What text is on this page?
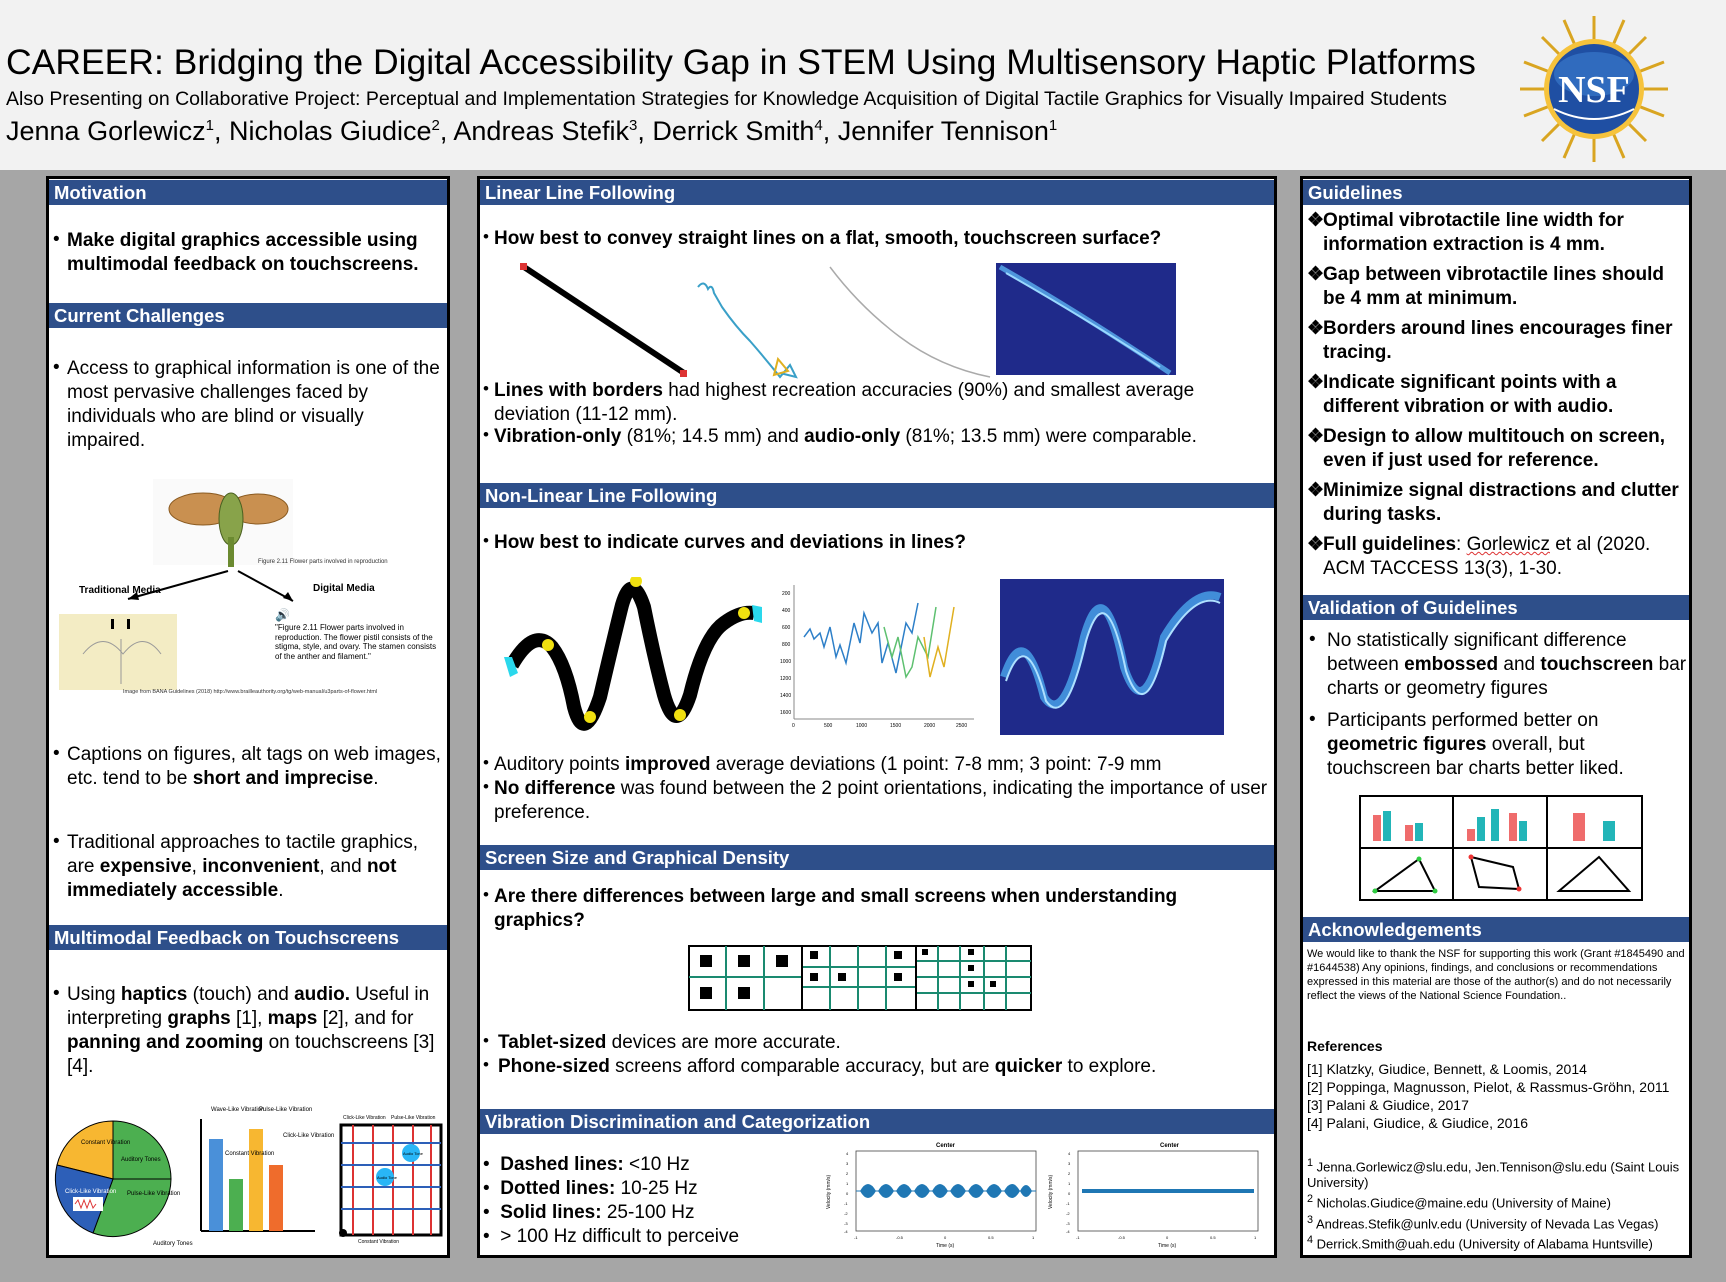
CAREER: Bridging the Digital Accessibility Gap in STEM Using Multisensory Haptic Platforms
Also Presenting on Collaborative Project: Perceptual and Implementation Strategies for Knowledge Acquisition of Digital Tactile Graphics for Visually Impaired Students
Jenna Gorlewicz$^1$, Nicholas Giudice$^2$, Andreas Stefik$^3$, Derrick Smith$^4$, Jennifer Tennison$^1$
NSF
Motivation
• Make digital graphics accessible using multimodal feedback on touchscreens.
Current Challenges
• Access to graphical information is one of the most pervasive challenges faced by individuals who are blind or visually impaired.
Figure 2.11 Flower parts involved in reproduction
Traditional Media	Digital Media
🔊
"Figure 2.11 Flower parts involved in reproduction. The flower pistil consists of the stigma, style, and ovary. The stamen consists of the anther and filament."
Image from BANA Guidelines (2018) http://www.brailleauthority.org/tg/web-manual/u3parts-of-flower.html
• Captions on figures, alt tags on web images, etc. tend to be short and imprecise.
• Traditional approaches to tactile graphics, are expensive, inconvenient, and not immediately accessible.
Multimodal Feedback on Touchscreens
• Using haptics (touch) and audio. Useful in interpreting graphs [1], maps [2], and for panning and zooming on touchscreens [3][4].
Constant Vibration
Auditory Tones
Pulse-Like Vibration
Click-Like Vibration
Wave-Like Vibration
Constant Vibration
Pulse-Like Vibration
Click-Like Vibration
Auditory Tones
Click-Like Vibration Pulse-Like Vibration
Audio Tone
Audio Tone
Constant Vibration
Linear Line Following
• How best to convey straight lines on a flat, smooth, touchscreen surface?
• Lines with borders had highest recreation accuracies (90%) and smallest average deviation (11-12 mm).
• Vibration-only (81%; 14.5 mm) and audio-only (81%; 13.5 mm) were comparable.
Non-Linear Line Following
• How best to indicate curves and deviations in lines?
200
400
600
800
1000
1200
1400
1600
0	500	1000	1500	2000	2500
• Auditory points improved average deviations (1 point: 7-8 mm; 3 point: 7-9 mm
• No difference was found between the 2 point orientations, indicating the importance of user preference.
Screen Size and Graphical Density
• Are there differences between large and small screens when understanding graphics?
• Tablet-sized devices are more accurate.
• Phone-sized screens afford comparable accuracy, but are quicker to explore.
Vibration Discrimination and Categorization
•  Dashed lines: <10 Hz
•  Dotted lines: 10-25 Hz
•  Solid lines: 25-100 Hz
•  > 100 Hz difficult to perceive
Center
Velocity (mm/s)
4
3
2
1
0
-1
-2
-3
-4
-1	-0.5	0	0.5	1
Time (s)
Center
Velocity (mm/s)
4
3
2
1
0
-1
-2
-3
-4
-1	-0.5	0	0.5	1
Time (s)
Guidelines
❖
Optimal vibrotactile line width for information extraction is 4 mm.
❖
Gap between vibrotactile lines should be 4 mm at minimum.
❖
Borders around lines encourages finer tracing.
❖
Indicate significant points with a different vibration or with audio.
❖
Design to allow multitouch on screen, even if just used for reference.
❖
Minimize signal distractions and clutter during tasks.
❖
Full guidelines: Gorlewicz et al (2020. ACM TACCESS 13(3), 1-30.
Validation of Guidelines
• No statistically significant difference between embossed and touchscreen bar charts or geometry figures
• Participants performed better on geometric figures overall, but touchscreen bar charts better liked.
Acknowledgements
We would like to thank the NSF for supporting this work (Grant #1845490 and #1644538) Any opinions, findings, and conclusions or recommendations expressed in this material are those of the author(s) and do not necessarily reflect the views of the National Science Foundation..
References
[1] Klatzky, Giudice, Bennett, & Loomis, 2014
[2] Poppinga, Magnusson, Pielot, & Rassmus-Gröhn, 2011
[3] Palani & Giudice, 2017
[4] Palani, Giudice, & Giudice, 2016
$^1$ Jenna.Gorlewicz@slu.edu, Jen.Tennison@slu.edu (Saint Louis University)
$^2$ Nicholas.Giudice@maine.edu (University of Maine)
$^3$ Andreas.Stefik@unlv.edu (University of Nevada Las Vegas)
$^4$ Derrick.Smith@uah.edu (University of Alabama Huntsville)
